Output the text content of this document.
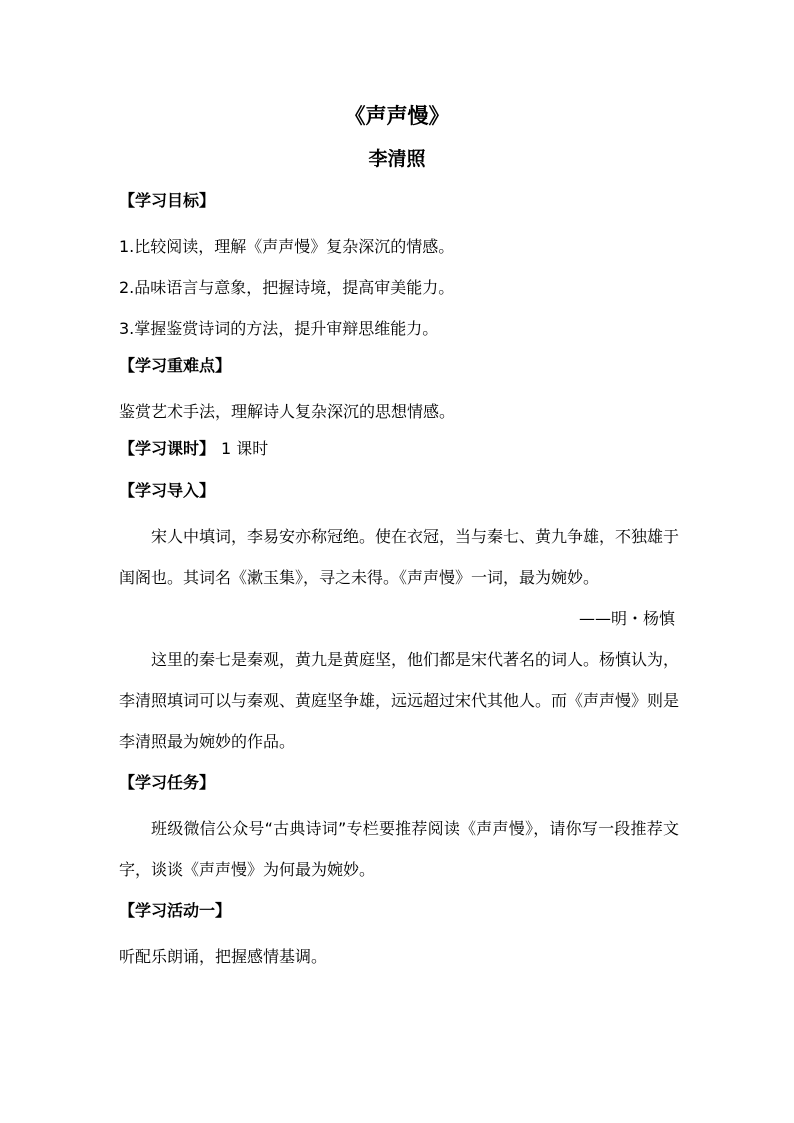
《声声慢》
李清照
【学习目标】
1.比较阅读，理解《声声慢》复杂深沉的情感。
2.品味语言与意象，把握诗境，提高审美能力。
3.掌握鉴赏诗词的方法，提升审辩思维能力。
【学习重难点】
鉴赏艺术手法，理解诗人复杂深沉的思想情感。
【学习课时】 1 课时
【学习导入】
宋人中填词，李易安亦称冠绝。使在衣冠，当与秦七、黄九争雄，不独雄于闺阁也。其词名《漱玉集》，寻之未得。《声声慢》一词，最为婉妙。
——明・杨慎
这里的秦七是秦观，黄九是黄庭坚，他们都是宋代著名的词人。杨慎认为，李清照填词可以与秦观、黄庭坚争雄，远远超过宋代其他人。而《声声慢》则是李清照最为婉妙的作品。
【学习任务】
班级微信公众号“古典诗词”专栏要推荐阅读《声声慢》，请你写一段推荐文字，谈谈《声声慢》为何最为婉妙。
【学习活动一】
听配乐朗诵，把握感情基调。
